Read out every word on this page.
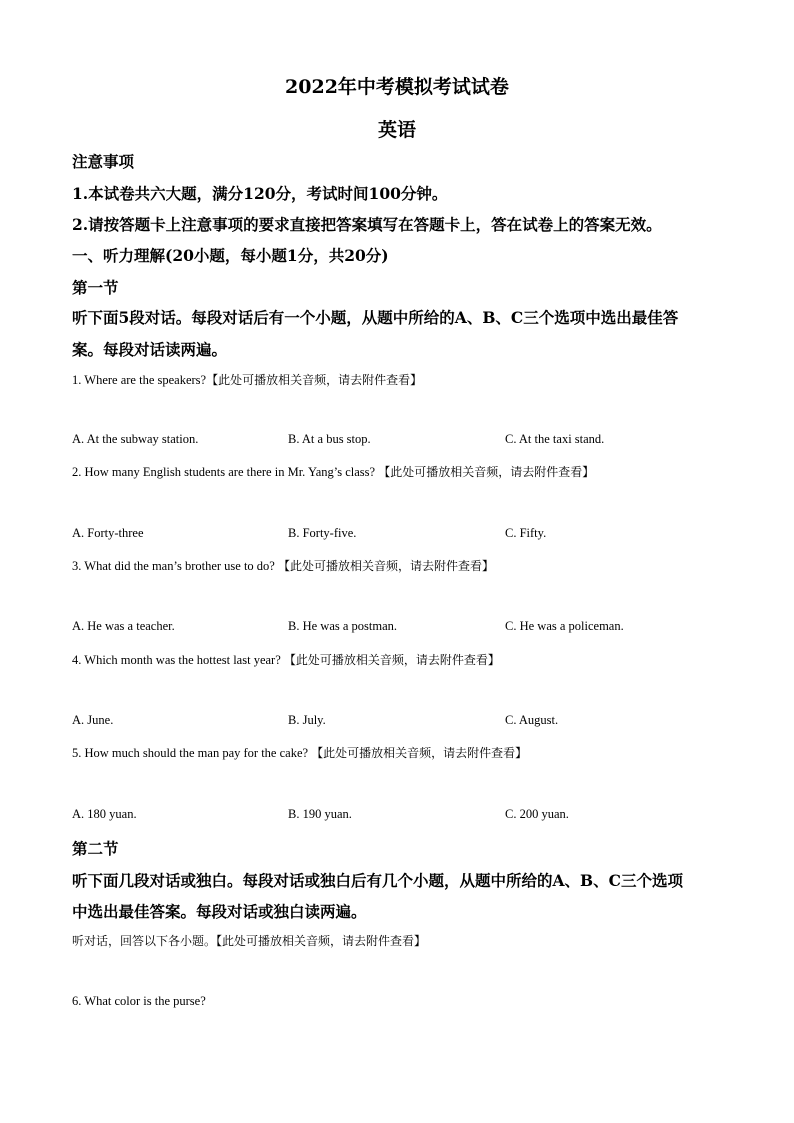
2022年中考模拟考试试卷
英语
注意事项
1.本试卷共六大题，满分120分，考试时间100分钟。
2.请按答题卡上注意事项的要求直接把答案填写在答题卡上，答在试卷上的答案无效。
一、听力理解(20小题，每小题1分，共20分)
第一节
听下面5段对话。每段对话后有一个小题，从题中所给的A、B、C三个选项中选出最佳答
案。每段对话读两遍。
1. Where are the speakers?【此处可播放相关音频，请去附件查看】
A. At the subway station.	B. At a bus stop.	C. At the taxi stand.
2. How many English students are there in Mr. Yang’s class? 【此处可播放相关音频，请去附件查看】
A. Forty-three	B. Forty-five.	C. Fifty.
3. What did the man’s brother use to do? 【此处可播放相关音频，请去附件查看】
A. He was a teacher.	B. He was a postman.	C. He was a policeman.
4. Which month was the hottest last year? 【此处可播放相关音频，请去附件查看】
A. June.	B. July.	C. August.
5. How much should the man pay for the cake? 【此处可播放相关音频，请去附件查看】
A. 180 yuan.	B. 190 yuan.	C. 200 yuan.
第二节
听下面几段对话或独白。每段对话或独白后有几个小题，从题中所给的A、B、C三个选项
中选出最佳答案。每段对话或独白读两遍。
听对话，回答以下各小题。【此处可播放相关音频，请去附件查看】
6. What color is the purse?
